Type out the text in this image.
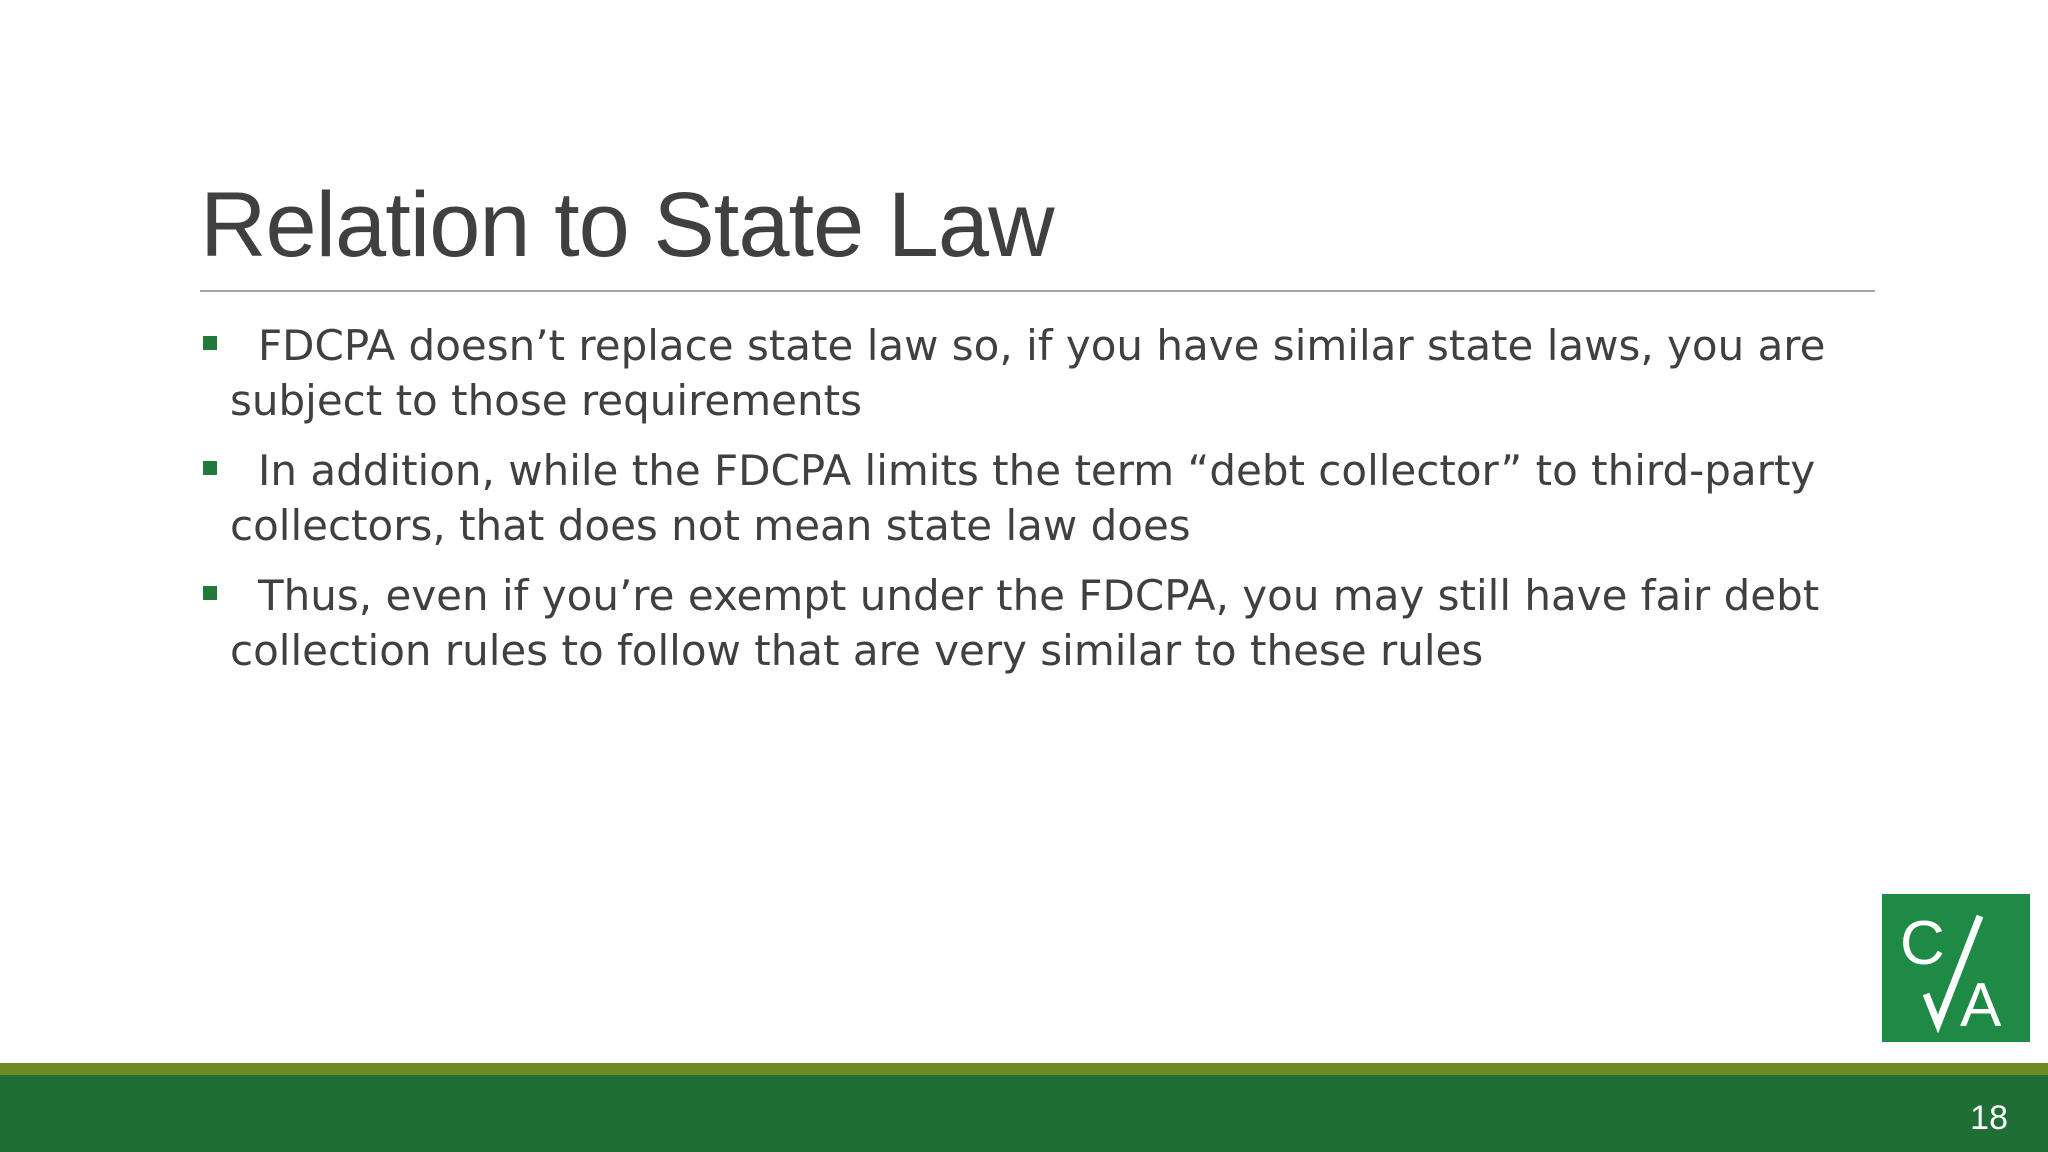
Relation to State Law
FDCPA doesn’t replace state law so, if you have similar state laws, you are subject to those requirements
In addition, while the FDCPA limits the term “debt collector” to third-party collectors, that does not mean state law does
Thus, even if you’re exempt under the FDCPA, you may still have fair debt collection rules to follow that are very similar to these rules
C
A
18
